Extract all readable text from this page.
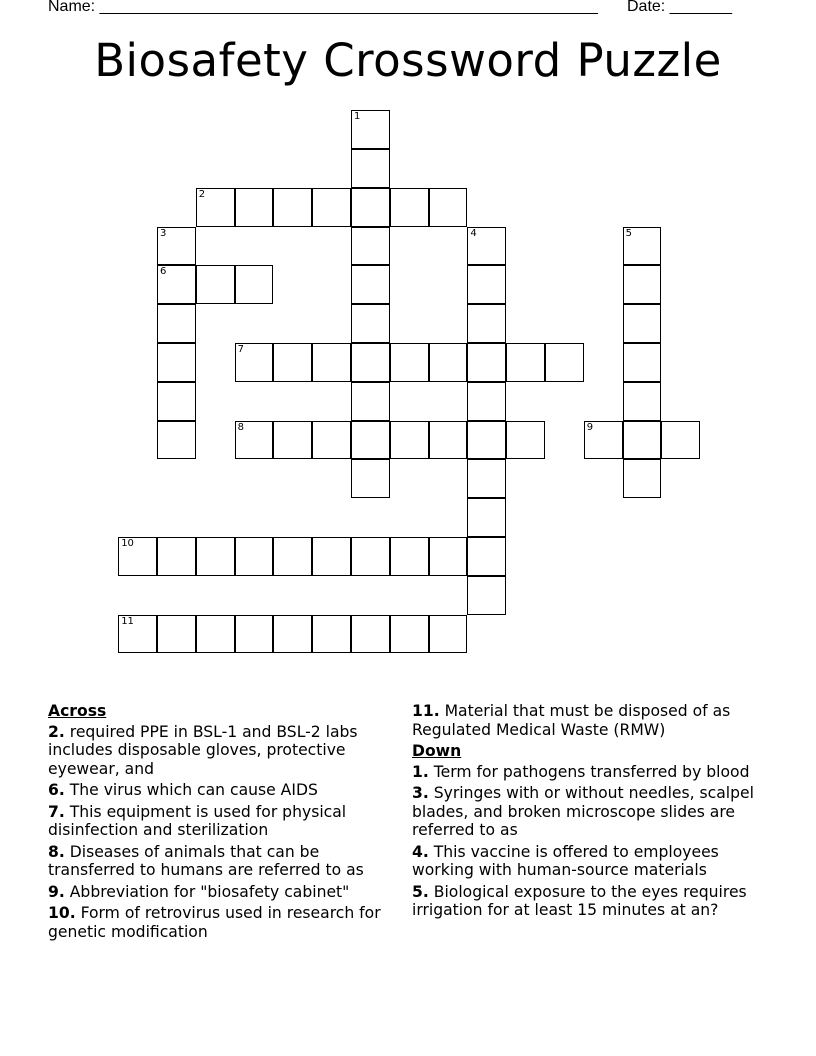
Name: ________________________________________________________ Date: _______
Biosafety Crossword Puzzle
1
2
3
6
4	5
7
8	9
10
11
Across
2. required PPE in BSL-1 and BSL-2 labs includes disposable gloves, protective eyewear, and
6. The virus which can cause AIDS
7. This equipment is used for physical disinfection and sterilization
8. Diseases of animals that can be transferred to humans are referred to as
9. Abbreviation for "biosafety cabinet"
10. Form of retrovirus used in research for genetic modification
11. Material that must be disposed of as Regulated Medical Waste (RMW)
Down
1. Term for pathogens transferred by blood
3. Syringes with or without needles, scalpel blades, and broken microscope slides are referred to as
4. This vaccine is offered to employees working with human-source materials
5. Biological exposure to the eyes requires irrigation for at least 15 minutes at an?
